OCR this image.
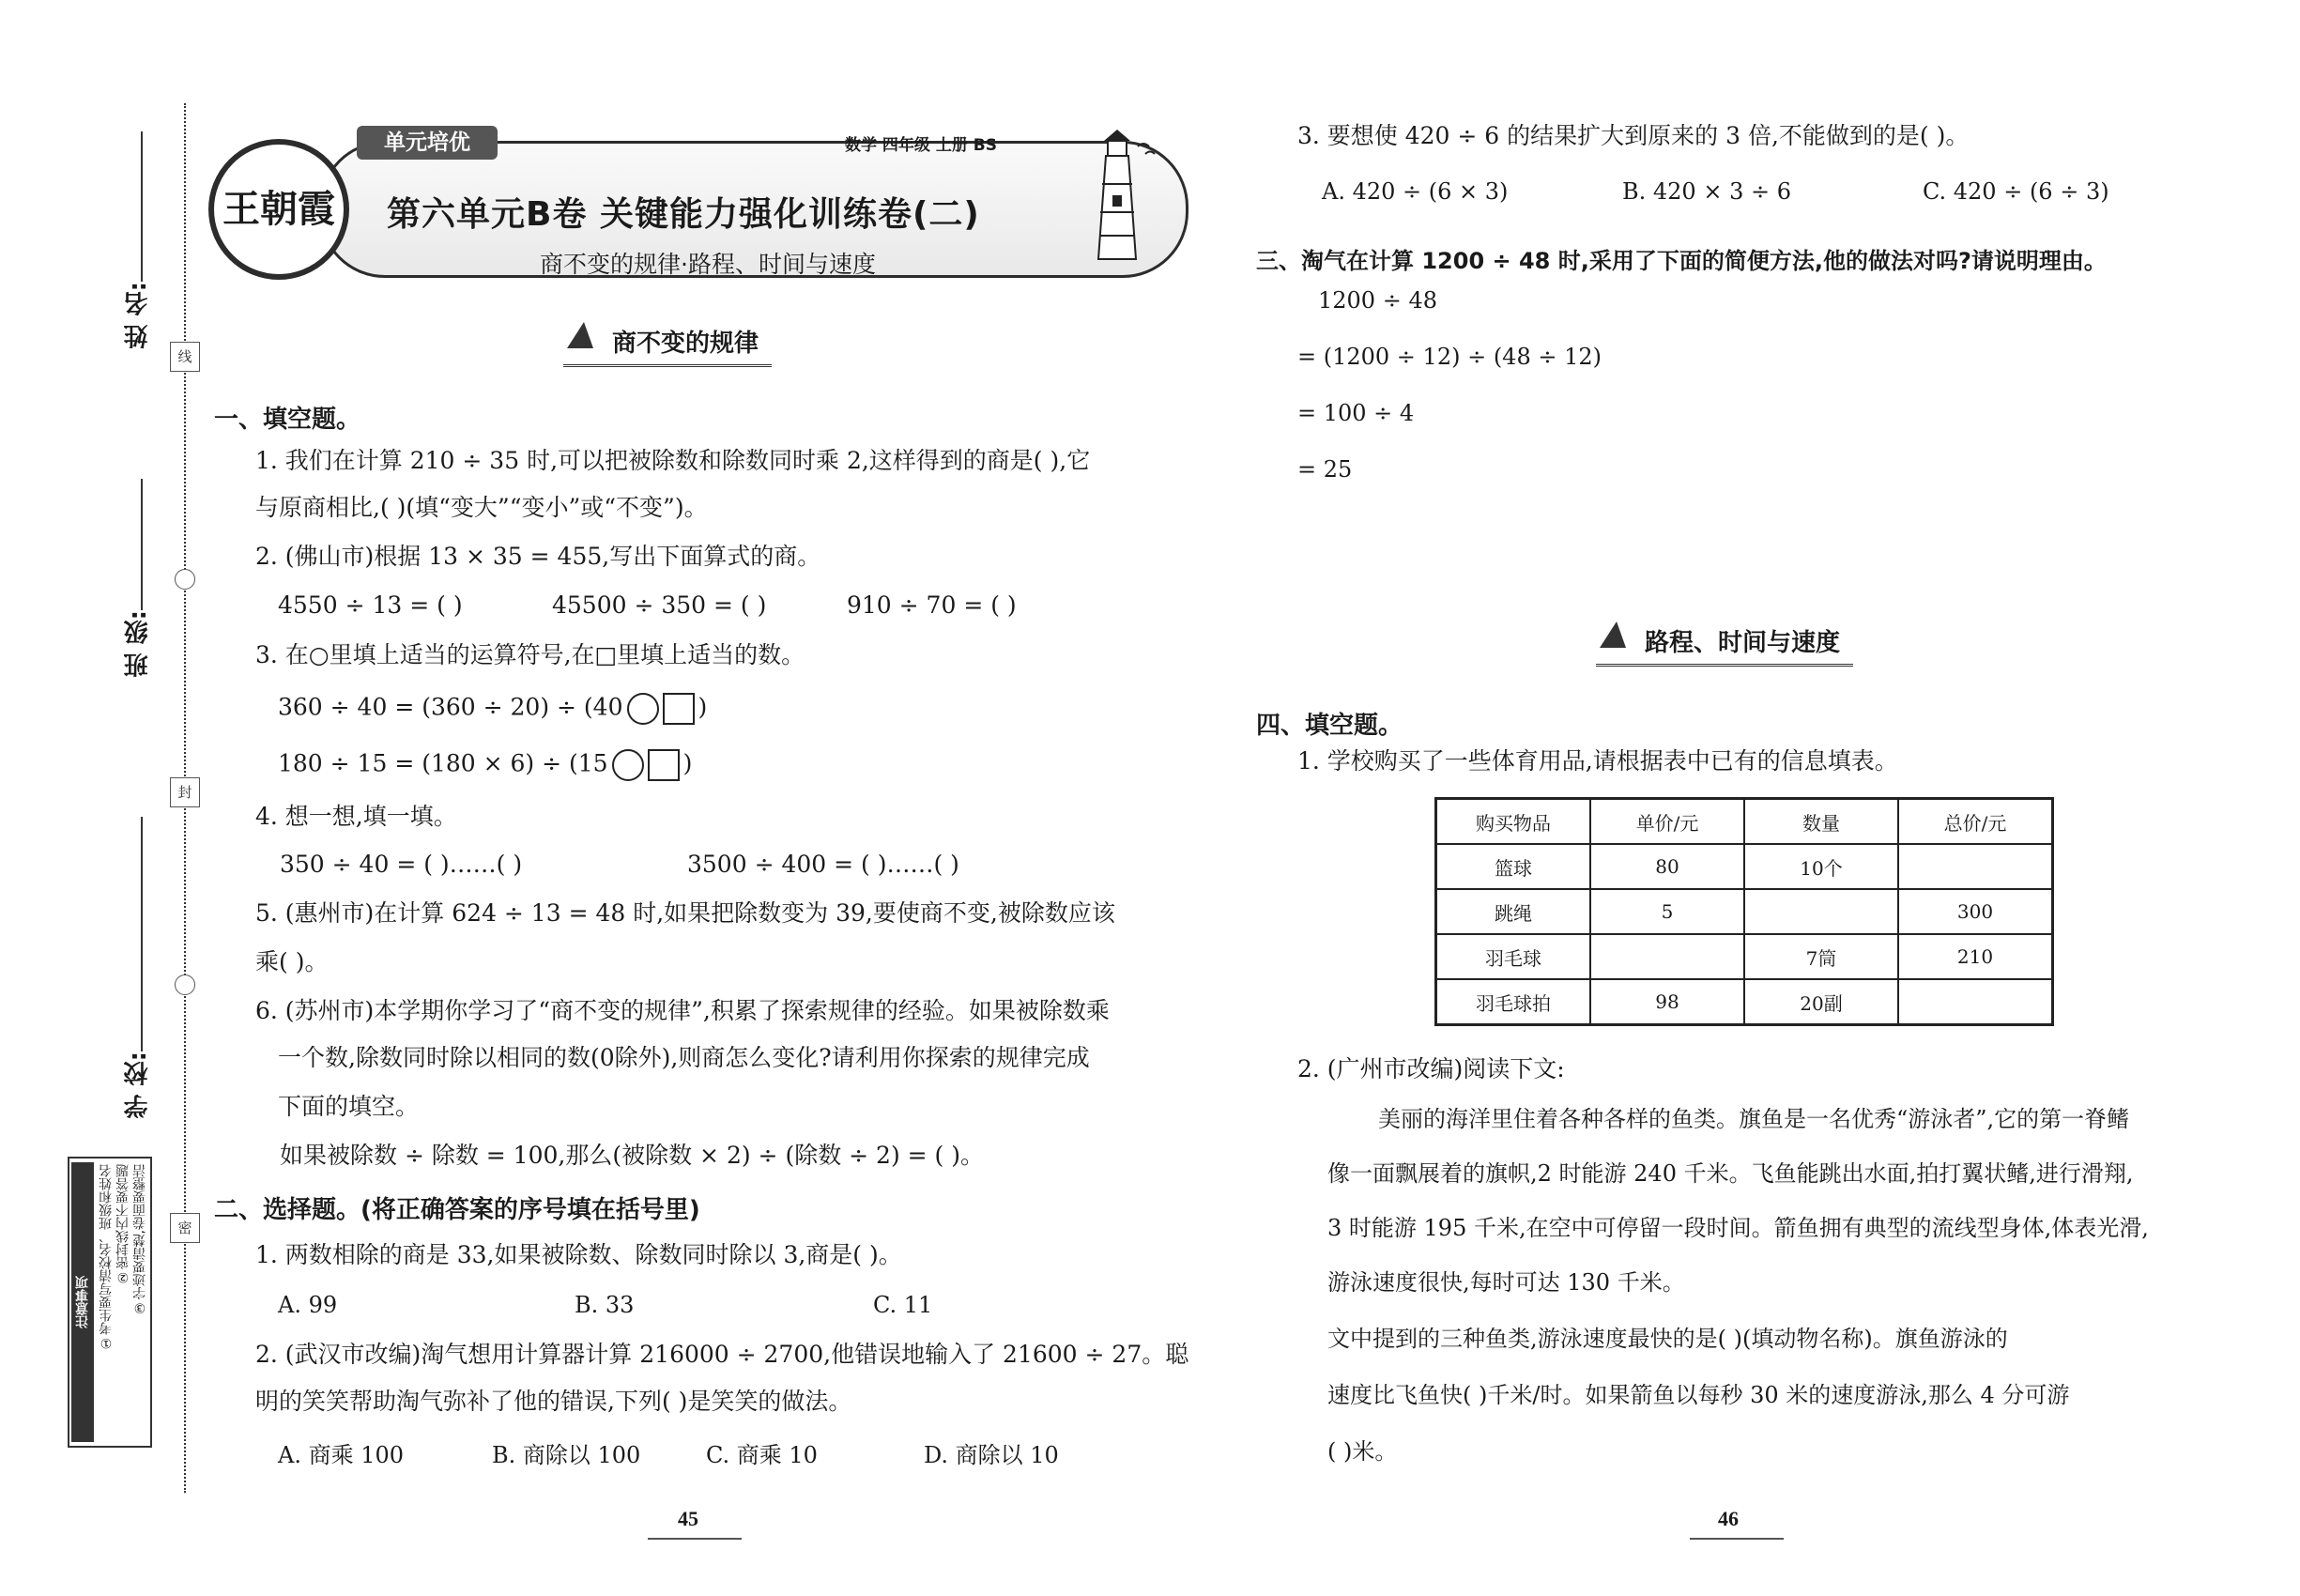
姓 名:
班 级:
学 校:
线
封
密
注意事项 ①考生要写清校名、班级和姓名 ②密封线内不要答题 ③字迹要清楚,卷面要整洁
王朝霞
单元培优	数学 四年级 上册 BS
第六单元B卷 关键能力强化训练卷(二)
商不变的规律·路程、时间与速度
商不变的规律
一、填空题。
1. 我们在计算 210 ÷ 35 时,可以把被除数和除数同时乘 2,这样得到的商是( ),它
与原商相比,( )(填“变大”“变小”或“不变”)。
2. (佛山市)根据 13 × 35 = 455,写出下面算式的商。
4550 ÷ 13 = ( )	45500 ÷ 350 = ( )	910 ÷ 70 = ( )
3. 在○里填上适当的运算符号,在□里填上适当的数。
360 ÷ 40 = (360 ÷ 20) ÷ (40	)
180 ÷ 15 = (180 × 6) ÷ (15	)
4. 想一想,填一填。
350 ÷ 40 = ( )……( )	3500 ÷ 400 = ( )……( )
5. (惠州市)在计算 624 ÷ 13 = 48 时,如果把除数变为 39,要使商不变,被除数应该
乘( )。
6. (苏州市)本学期你学习了“商不变的规律”,积累了探索规律的经验。如果被除数乘
一个数,除数同时除以相同的数(0除外),则商怎么变化?请利用你探索的规律完成
下面的填空。
如果被除数 ÷ 除数 = 100,那么(被除数 × 2) ÷ (除数 ÷ 2) = ( )。
二、选择题。(将正确答案的序号填在括号里)
1. 两数相除的商是 33,如果被除数、除数同时除以 3,商是( )。
A. 99	B. 33	C. 11
2. (武汉市改编)淘气想用计算器计算 216000 ÷ 2700,他错误地输入了 21600 ÷ 27。聪
明的笑笑帮助淘气弥补了他的错误,下列( )是笑笑的做法。
A. 商乘 100	B. 商除以 100	C. 商乘 10	D. 商除以 10
45
3. 要想使 420 ÷ 6 的结果扩大到原来的 3 倍,不能做到的是( )。
A. 420 ÷ (6 × 3)	B. 420 × 3 ÷ 6	C. 420 ÷ (6 ÷ 3)
三、淘气在计算 1200 ÷ 48 时,采用了下面的简便方法,他的做法对吗?请说明理由。
1200 ÷ 48
= (1200 ÷ 12) ÷ (48 ÷ 12)
= 100 ÷ 4
= 25
路程、时间与速度
四、填空题。
1. 学校购买了一些体育用品,请根据表中已有的信息填表。
购买物品	单价/元	数量	总价/元
篮球	80	10个	
跳绳	5		300
羽毛球		7筒	210
羽毛球拍	98	20副	
2. (广州市改编)阅读下文:
美丽的海洋里住着各种各样的鱼类。旗鱼是一名优秀“游泳者”,它的第一脊鳍
像一面飘展着的旗帜,2 时能游 240 千米。飞鱼能跳出水面,拍打翼状鳍,进行滑翔,
3 时能游 195 千米,在空中可停留一段时间。箭鱼拥有典型的流线型身体,体表光滑,
游泳速度很快,每时可达 130 千米。
文中提到的三种鱼类,游泳速度最快的是( )(填动物名称)。旗鱼游泳的
速度比飞鱼快( )千米/时。如果箭鱼以每秒 30 米的速度游泳,那么 4 分可游
( )米。
46
